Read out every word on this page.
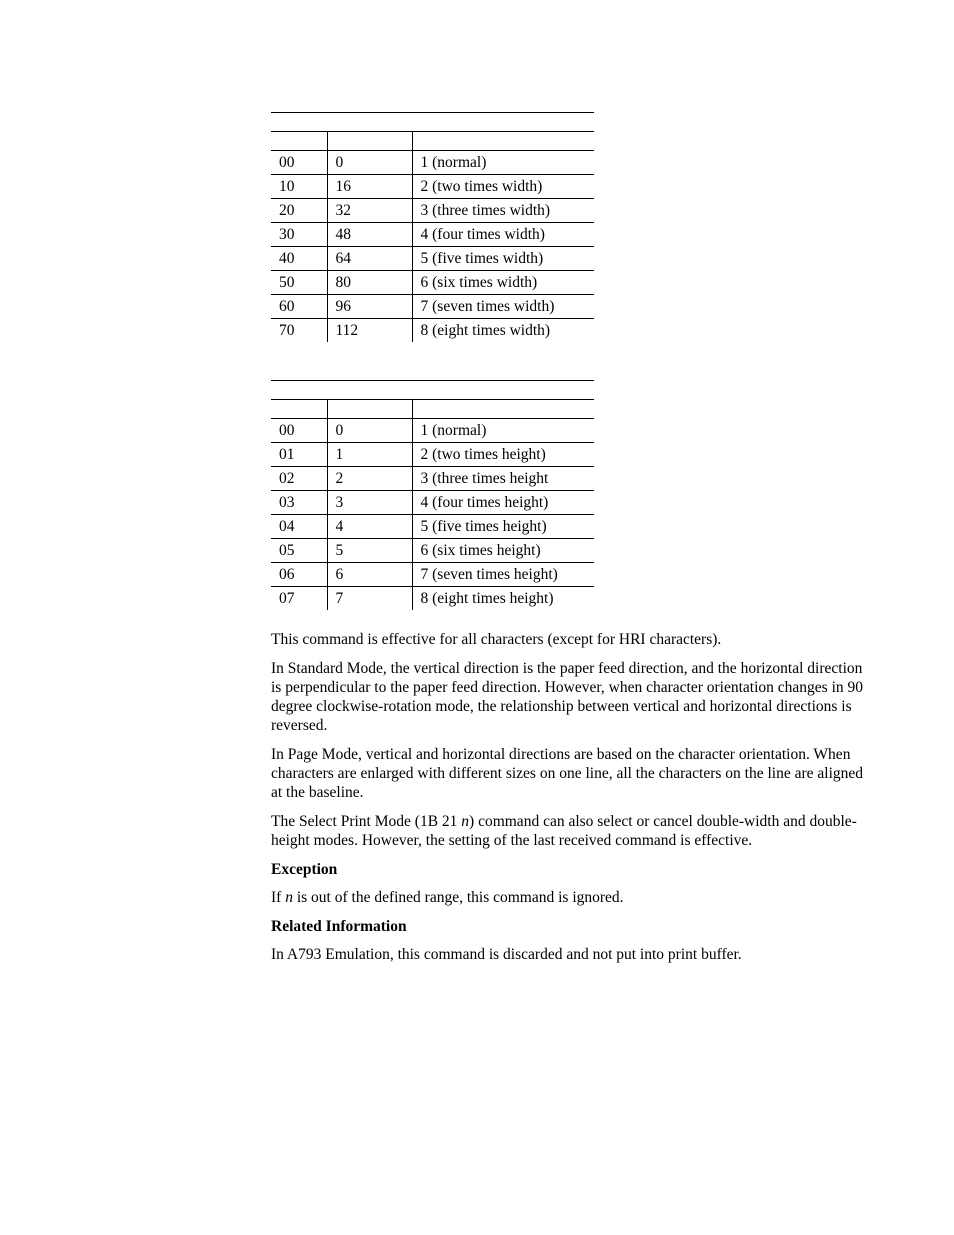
00	0	1 (normal)
10	16	2 (two times width)
20	32	3 (three times width)
30	48	4 (four times width)
40	64	5 (five times width)
50	80	6 (six times width)
60	96	7 (seven times width)
70	112	8 (eight times width)

00	0	1 (normal)
01	1	2 (two times height)
02	2	3 (three times height
03	3	4 (four times height)
04	4	5 (five times height)
05	5	6 (six times height)
06	6	7 (seven times height)
07	7	8 (eight times height)

This command is effective for all characters (except for HRI characters).

In Standard Mode, the vertical direction is the paper feed direction, and the horizontal direction is perpendicular to the paper feed direction. However, when character orientation changes in 90 degree clockwise-rotation mode, the relationship between vertical and horizontal directions is reversed.

In Page Mode, vertical and horizontal directions are based on the character orientation. When characters are enlarged with different sizes on one line, all the characters on the line are aligned at the baseline.

The Select Print Mode (1B 21 n) command can also select or cancel double-width and double-height modes. However, the setting of the last received command is effective.

Exception

If n is out of the defined range, this command is ignored.

Related Information

In A793 Emulation, this command is discarded and not put into print buffer.
